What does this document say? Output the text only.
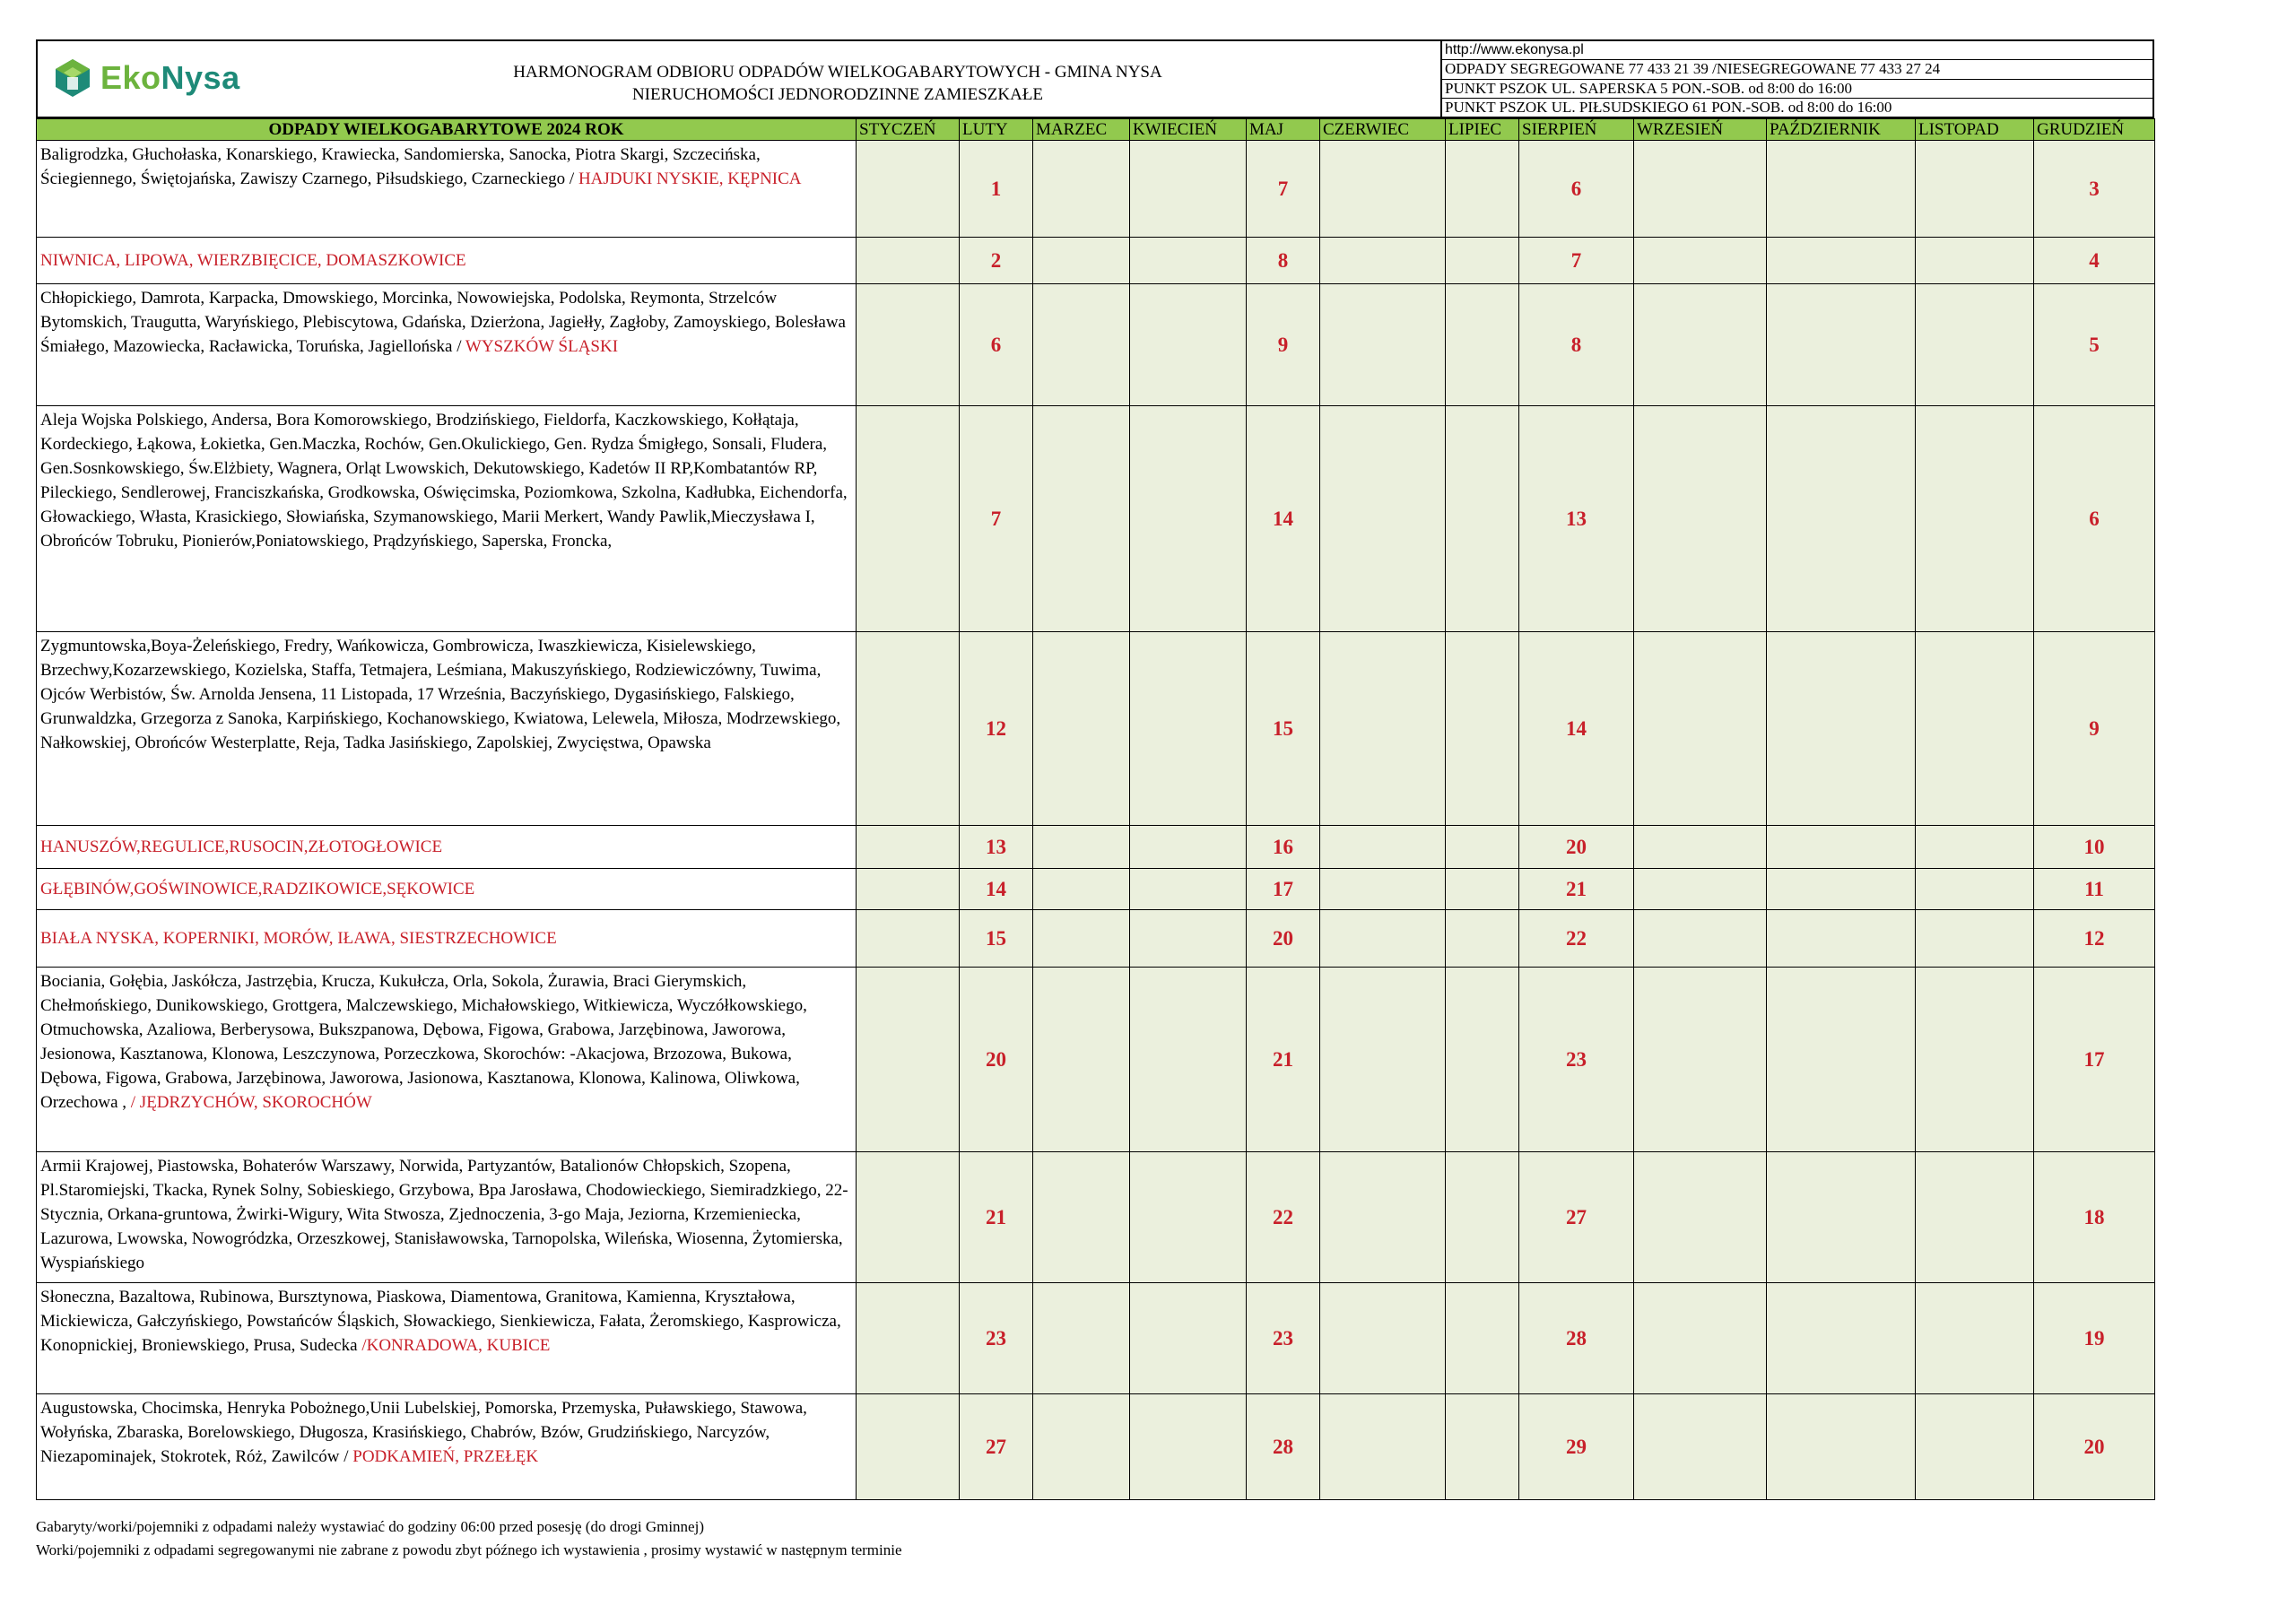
EkoNysa	HARMONOGRAM ODBIORU ODPADÓW WIELKOGABARYTOWYCH - GMINA NYSA
NIERUCHOMOŚCI JEDNORODZINNE ZAMIESZKAŁE
http://www.ekonysa.pl
ODPADY SEGREGOWANE 77 433 21 39 /NIESEGREGOWANE 77 433 27 24
PUNKT PSZOK UL. SAPERSKA 5 PON.-SOB. od 8:00 do 16:00
PUNKT PSZOK UL. PIŁSUDSKIEGO 61 PON.-SOB. od 8:00 do 16:00
ODPADY WIELKOGABARYTOWE 2024 ROK	STYCZEŃ	LUTY	MARZEC	KWIECIEŃ	MAJ	CZERWIEC	LIPIEC	SIERPIEŃ	WRZESIEŃ	PAŹDZIERNIK	LISTOPAD	GRUDZIEŃ
Baligrodzka, Głuchołaska, Konarskiego, Krawiecka, Sandomierska, Sanocka, Piotra Skargi, Szczecińska, Ściegiennego, Świętojańska, Zawiszy Czarnego, Piłsudskiego, Czarneckiego / HAJDUKI NYSKIE, KĘPNICA		1			7			6				3
NIWNICA, LIPOWA, WIERZBIĘCICE, DOMASZKOWICE		2			8			7				4
Chłopickiego, Damrota, Karpacka, Dmowskiego, Morcinka, Nowowiejska, Podolska, Reymonta, Strzelców Bytomskich, Traugutta, Waryńskiego, Plebiscytowa, Gdańska, Dzierżona, Jagiełły, Zagłoby, Zamoyskiego, Bolesława Śmiałego, Mazowiecka, Racławicka, Toruńska, Jagiellońska / WYSZKÓW ŚLĄSKI		6			9			8				5
Aleja Wojska Polskiego, Andersa, Bora Komorowskiego, Brodzińskiego, Fieldorfa, Kaczkowskiego, Kołłątaja, Kordeckiego, Łąkowa, Łokietka, Gen.Maczka, Rochów, Gen.Okulickiego, Gen. Rydza Śmigłego, Sonsali, Fludera, Gen.Sosnkowskiego, Św.Elżbiety, Wagnera, Orląt Lwowskich, Dekutowskiego, Kadetów II RP,Kombatantów RP, Pileckiego, Sendlerowej, Franciszkańska, Grodkowska, Oświęcimska, Poziomkowa, Szkolna, Kadłubka, Eichendorfa, Głowackiego, Własta, Krasickiego, Słowiańska, Szymanowskiego, Marii Merkert, Wandy Pawlik,Mieczysława I, Obrońców Tobruku, Pionierów,Poniatowskiego, Prądzyńskiego, Saperska, Froncka,		7			14			13				6
Zygmuntowska,Boya-Żeleńskiego, Fredry, Wańkowicza, Gombrowicza, Iwaszkiewicza, Kisielewskiego, Brzechwy,Kozarzewskiego, Kozielska, Staffa, Tetmajera, Leśmiana, Makuszyńskiego, Rodziewiczówny, Tuwima, Ojców Werbistów, Św. Arnolda Jensena, 11 Listopada, 17 Września, Baczyńskiego, Dygasińskiego, Falskiego, Grunwaldzka, Grzegorza z Sanoka, Karpińskiego, Kochanowskiego, Kwiatowa, Lelewela, Miłosza, Modrzewskiego, Nałkowskiej, Obrońców Westerplatte, Reja, Tadka Jasińskiego, Zapolskiej, Zwycięstwa, Opawska		12			15			14				9
HANUSZÓW,REGULICE,RUSOCIN,ZŁOTOGŁOWICE		13			16			20				10
GŁĘBINÓW,GOŚWINOWICE,RADZIKOWICE,SĘKOWICE		14			17			21				11
BIAŁA NYSKA, KOPERNIKI, MORÓW, IŁAWA, SIESTRZECHOWICE		15			20			22				12
Bociania, Gołębia, Jaskółcza, Jastrzębia, Krucza, Kukułcza, Orla, Sokola, Żurawia, Braci Gierymskich, Chełmońskiego, Dunikowskiego, Grottgera, Malczewskiego, Michałowskiego, Witkiewicza, Wyczółkowskiego, Otmuchowska, Azaliowa, Berberysowa, Bukszpanowa, Dębowa, Figowa, Grabowa, Jarzębinowa, Jaworowa, Jesionowa, Kasztanowa, Klonowa, Leszczynowa, Porzeczkowa, Skorochów: -Akacjowa, Brzozowa, Bukowa, Dębowa, Figowa, Grabowa, Jarzębinowa, Jaworowa, Jasionowa, Kasztanowa, Klonowa, Kalinowa, Oliwkowa, Orzechowa , / JĘDRZYCHÓW, SKOROCHÓW		20			21			23				17
Armii Krajowej, Piastowska, Bohaterów Warszawy, Norwida, Partyzantów, Batalionów Chłopskich, Szopena, Pl.Staromiejski, Tkacka, Rynek Solny, Sobieskiego, Grzybowa, Bpa Jarosława, Chodowieckiego, Siemiradzkiego, 22-Stycznia, Orkana-gruntowa, Żwirki-Wigury, Wita Stwosza, Zjednoczenia, 3-go Maja, Jeziorna, Krzemieniecka, Lazurowa, Lwowska, Nowogródzka, Orzeszkowej, Stanisławowska, Tarnopolska, Wileńska, Wiosenna, Żytomierska, Wyspiańskiego		21			22			27				18
Słoneczna, Bazaltowa, Rubinowa, Bursztynowa, Piaskowa, Diamentowa, Granitowa, Kamienna, Kryształowa, Mickiewicza, Gałczyńskiego, Powstańców Śląskich, Słowackiego, Sienkiewicza, Fałata, Żeromskiego, Kasprowicza, Konopnickiej, Broniewskiego, Prusa, Sudecka /KONRADOWA, KUBICE		23			23			28				19
Augustowska, Chocimska, Henryka Pobożnego,Unii Lubelskiej, Pomorska, Przemyska, Puławskiego, Stawowa, Wołyńska, Zbaraska, Borelowskiego, Długosza, Krasińskiego, Chabrów, Bzów, Grudzińskiego, Narcyzów, Niezapominajek, Stokrotek, Róż, Zawilców / PODKAMIEŃ, PRZEŁĘK		27			28			29				20
Gabaryty/worki/pojemniki z odpadami należy wystawiać do godziny 06:00 przed posesję (do drogi Gminnej)
Worki/pojemniki z odpadami segregowanymi nie zabrane z powodu zbyt późnego ich wystawienia , prosimy wystawić w następnym terminie
